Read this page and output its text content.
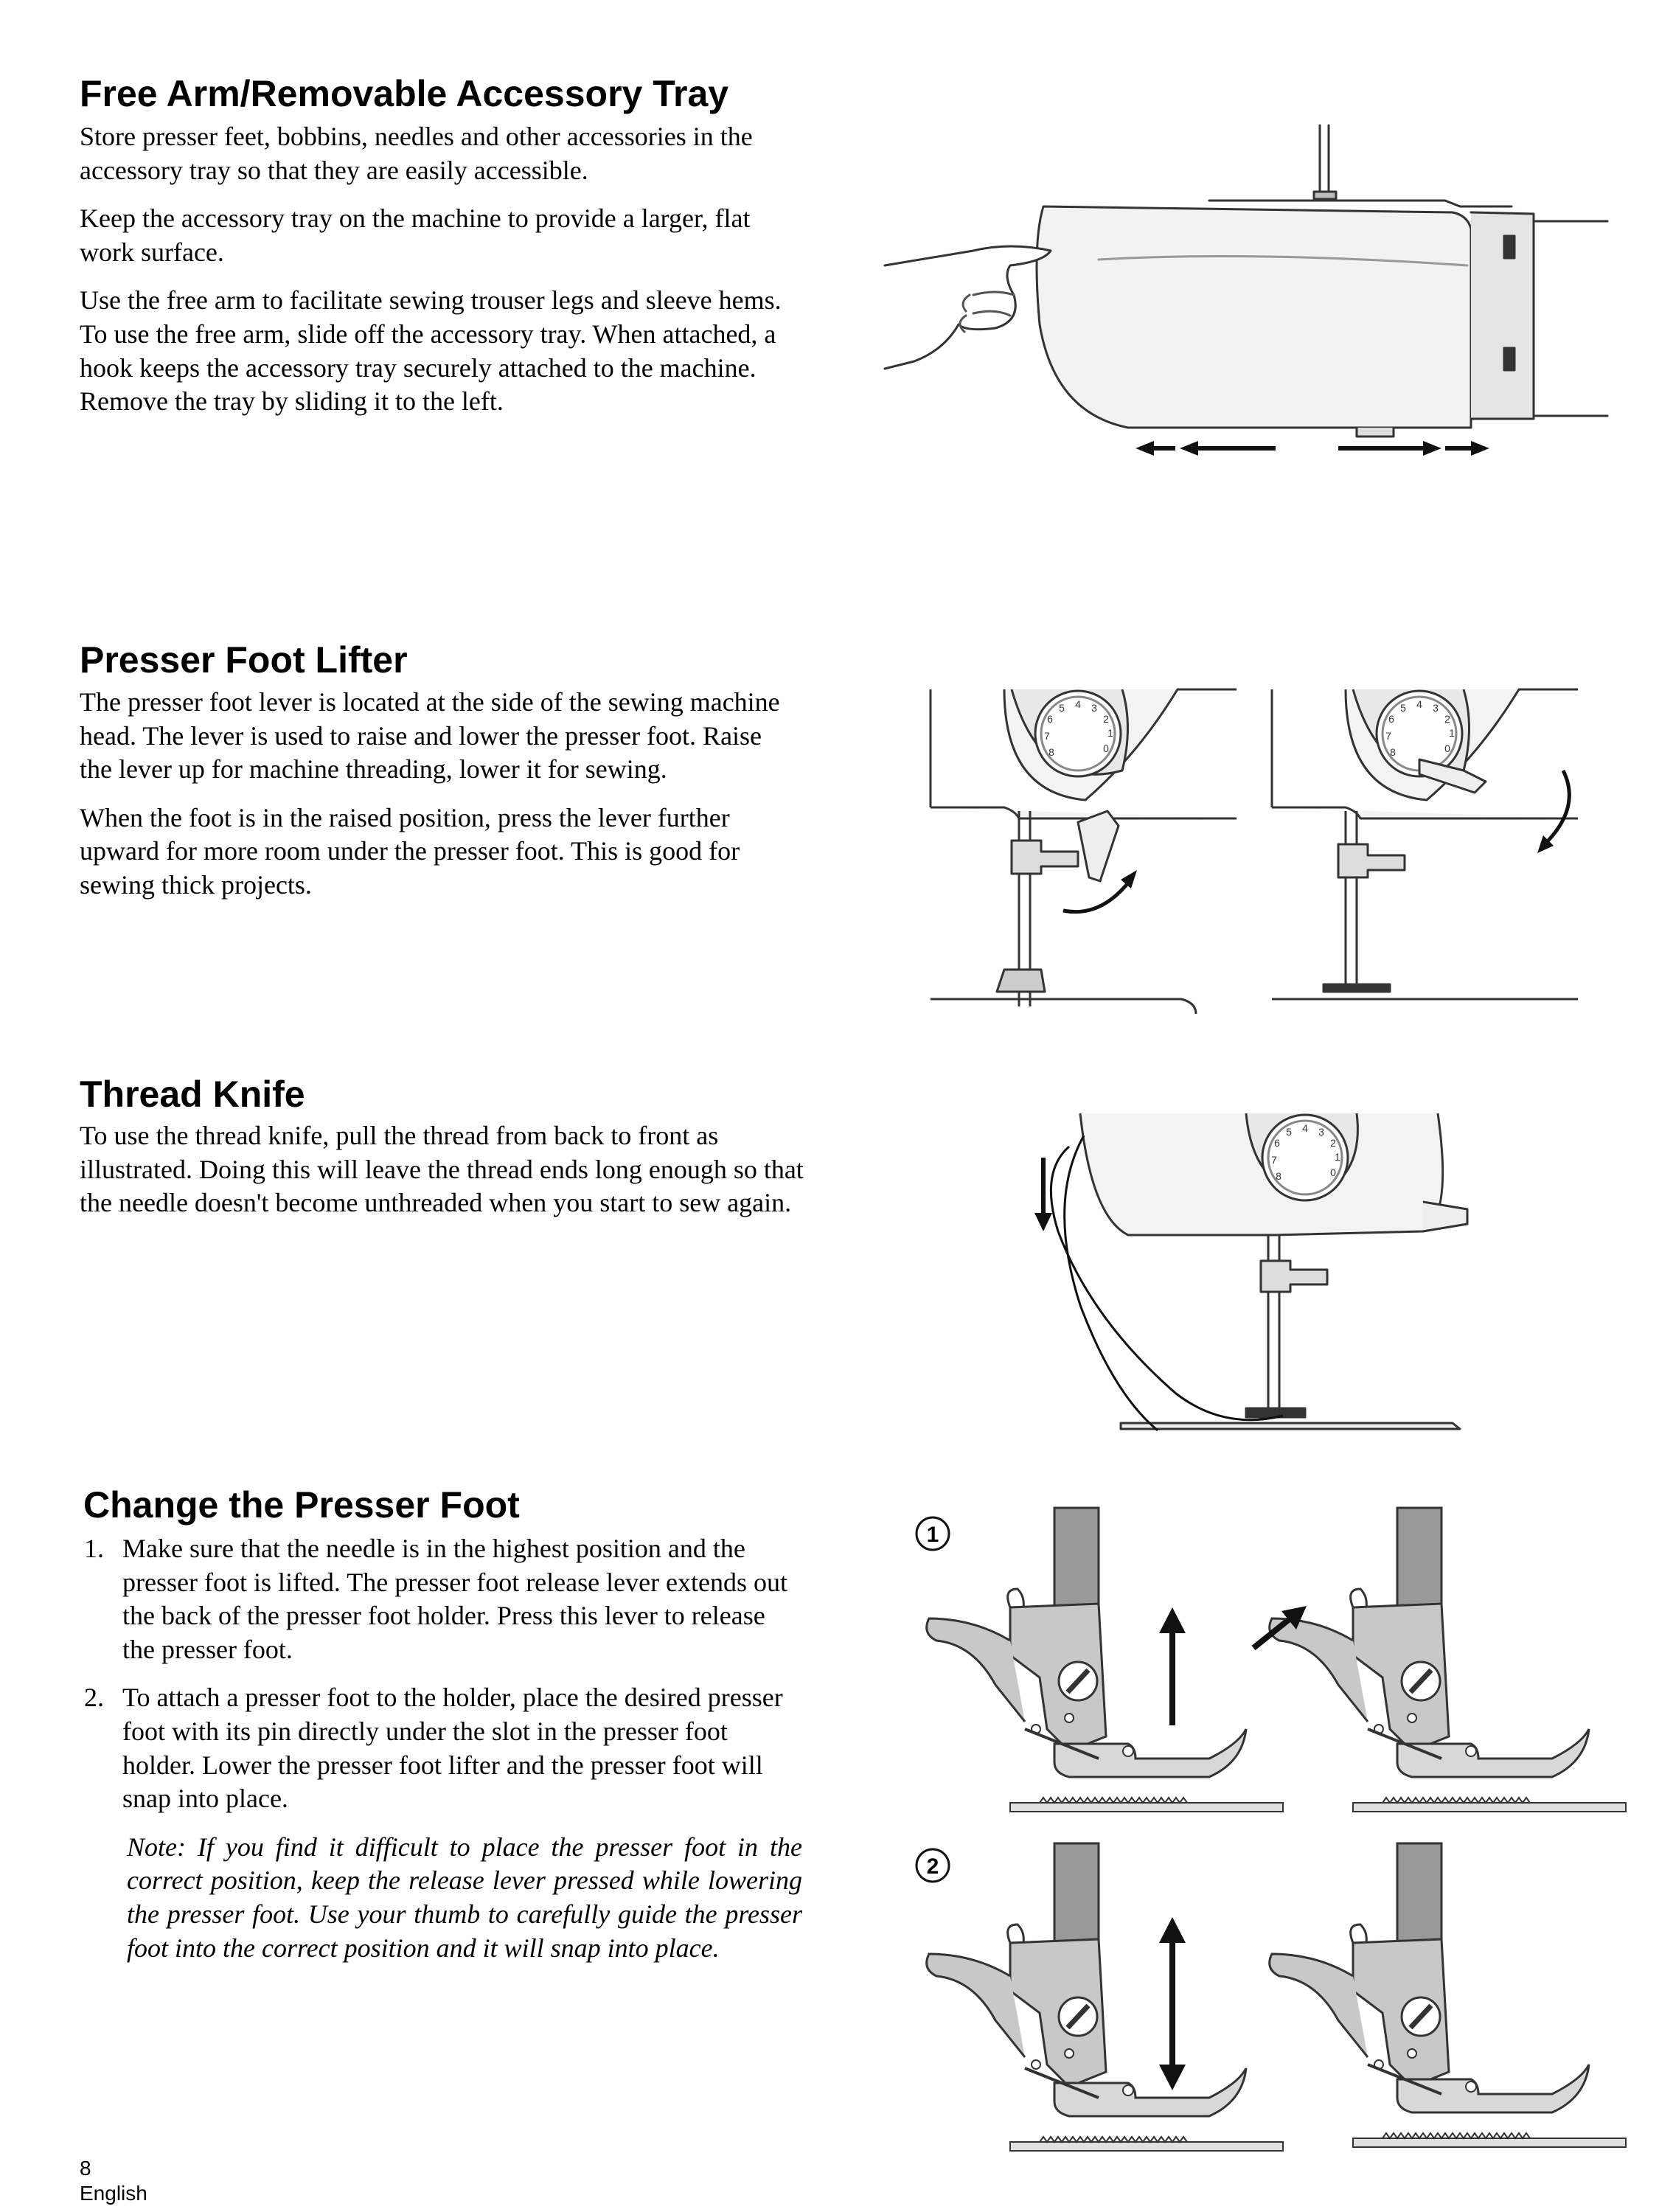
Free Arm/Removable Accessory Tray

Store presser feet, bobbins, needles and other accessories in the accessory tray so that they are easily accessible.

Keep the accessory tray on the machine to provide a larger, flat work surface.

Use the free arm to facilitate sewing trouser legs and sleeve hems. To use the free arm, slide off the accessory tray. When attached, a hook keeps the accessory tray securely attached to the machine. Remove the tray by sliding it to the left.

Presser Foot Lifter

The presser foot lever is located at the side of the sewing machine head. The lever is used to raise and lower the presser foot. Raise the lever up for machine threading, lower it for sewing.

When the foot is in the raised position, press the lever further upward for more room under the presser foot. This is good for sewing thick projects.

4 3
2
1
0
5
6
7
8
4 3
2
1
0
5
6
7
8
Thread Knife

To use the thread knife, pull the thread from back to front as illustrated. Doing this will leave the thread ends long enough so that the needle doesn't become unthreaded when you start to sew again.

4 3
2
1
0
5
6
7
8
Change the Presser Foot
1. Make sure that the needle is in the highest position and the presser foot is lifted. The presser foot release lever extends out the back of the presser foot holder. Press this lever to release the presser foot.
2. To attach a presser foot to the holder, place the desired presser foot with its pin directly under the slot in the presser foot holder. Lower the presser foot lifter and the presser foot will snap into place.

Note: If you find it difficult to place the presser foot in the correct position, keep the release lever pressed while lowering the presser foot. Use your thumb to carefully guide the presser foot into the correct position and it will snap into place.

1
2
8
English
